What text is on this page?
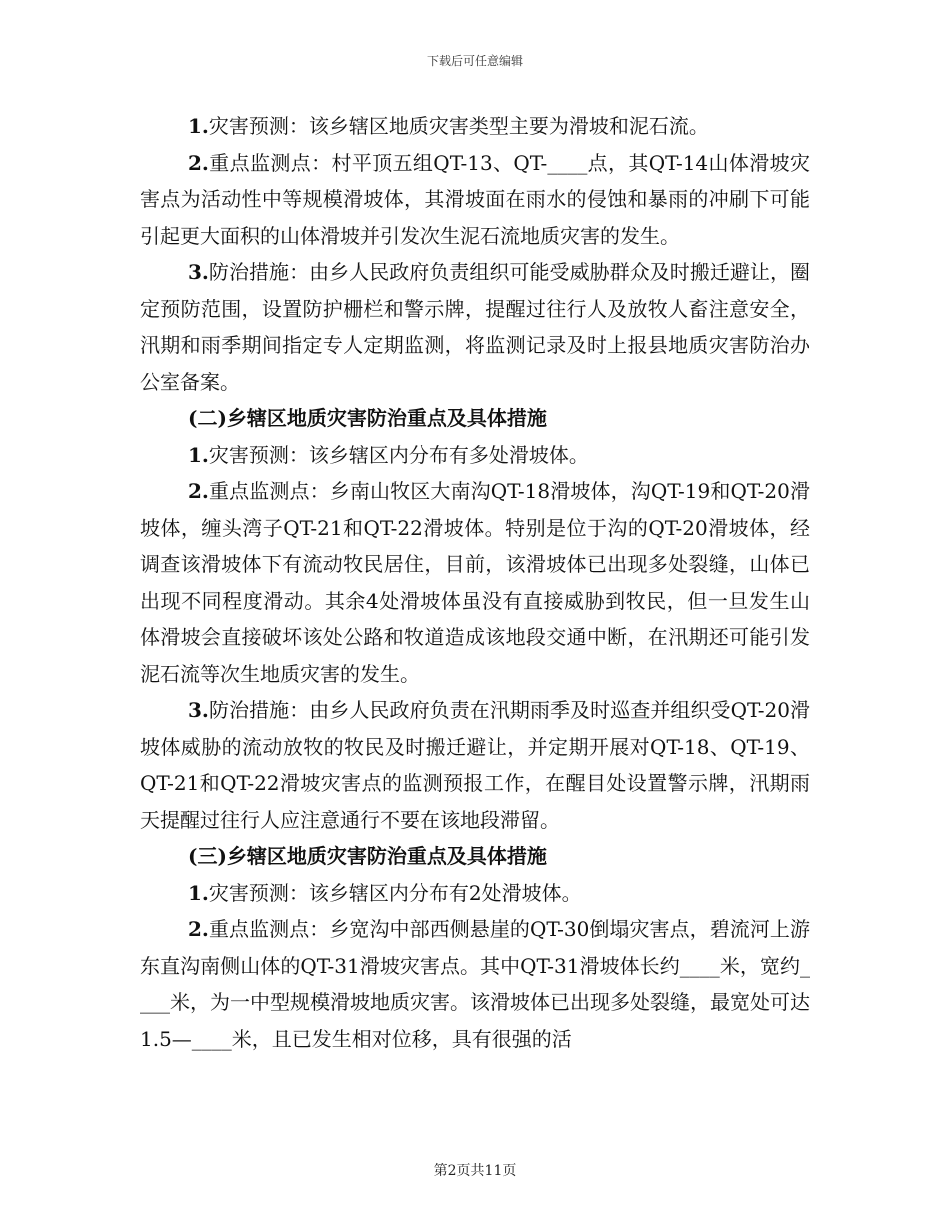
下载后可任意编辑

1.灾害预测：该乡辖区地质灾害类型主要为滑坡和泥石流。

2.重点监测点：村平顶五组QT-13、QT-____点，其QT-14山体滑坡灾害点为活动性中等规模滑坡体，其滑坡面在雨水的侵蚀和暴雨的冲刷下可能引起更大面积的山体滑坡并引发次生泥石流地质灾害的发生。

3.防治措施：由乡人民政府负责组织可能受威胁群众及时搬迁避让，圈定预防范围，设置防护栅栏和警示牌，提醒过往行人及放牧人畜注意安全，汛期和雨季期间指定专人定期监测，将监测记录及时上报县地质灾害防治办公室备案。

(二)乡辖区地质灾害防治重点及具体措施

1.灾害预测：该乡辖区内分布有多处滑坡体。

2.重点监测点：乡南山牧区大南沟QT-18滑坡体，沟QT-19和QT-20滑坡体，缠头湾子QT-21和QT-22滑坡体。特别是位于沟的QT-20滑坡体，经调查该滑坡体下有流动牧民居住，目前，该滑坡体已出现多处裂缝，山体已出现不同程度滑动。其余4处滑坡体虽没有直接威胁到牧民，但一旦发生山体滑坡会直接破坏该处公路和牧道造成该地段交通中断，在汛期还可能引发泥石流等次生地质灾害的发生。

3.防治措施：由乡人民政府负责在汛期雨季及时巡查并组织受QT-20滑坡体威胁的流动放牧的牧民及时搬迁避让，并定期开展对QT-18、QT-19、QT-21和QT-22滑坡灾害点的监测预报工作，在醒目处设置警示牌，汛期雨天提醒过往行人应注意通行不要在该地段滞留。

(三)乡辖区地质灾害防治重点及具体措施

1.灾害预测：该乡辖区内分布有2处滑坡体。

2.重点监测点：乡宽沟中部西侧悬崖的QT-30倒塌灾害点，碧流河上游东直沟南侧山体的QT-31滑坡灾害点。其中QT-31滑坡体长约____米，宽约____米，为一中型规模滑坡地质灾害。该滑坡体已出现多处裂缝，最宽处可达1.5—____米，且已发生相对位移，具有很强的活

第2页共11页
